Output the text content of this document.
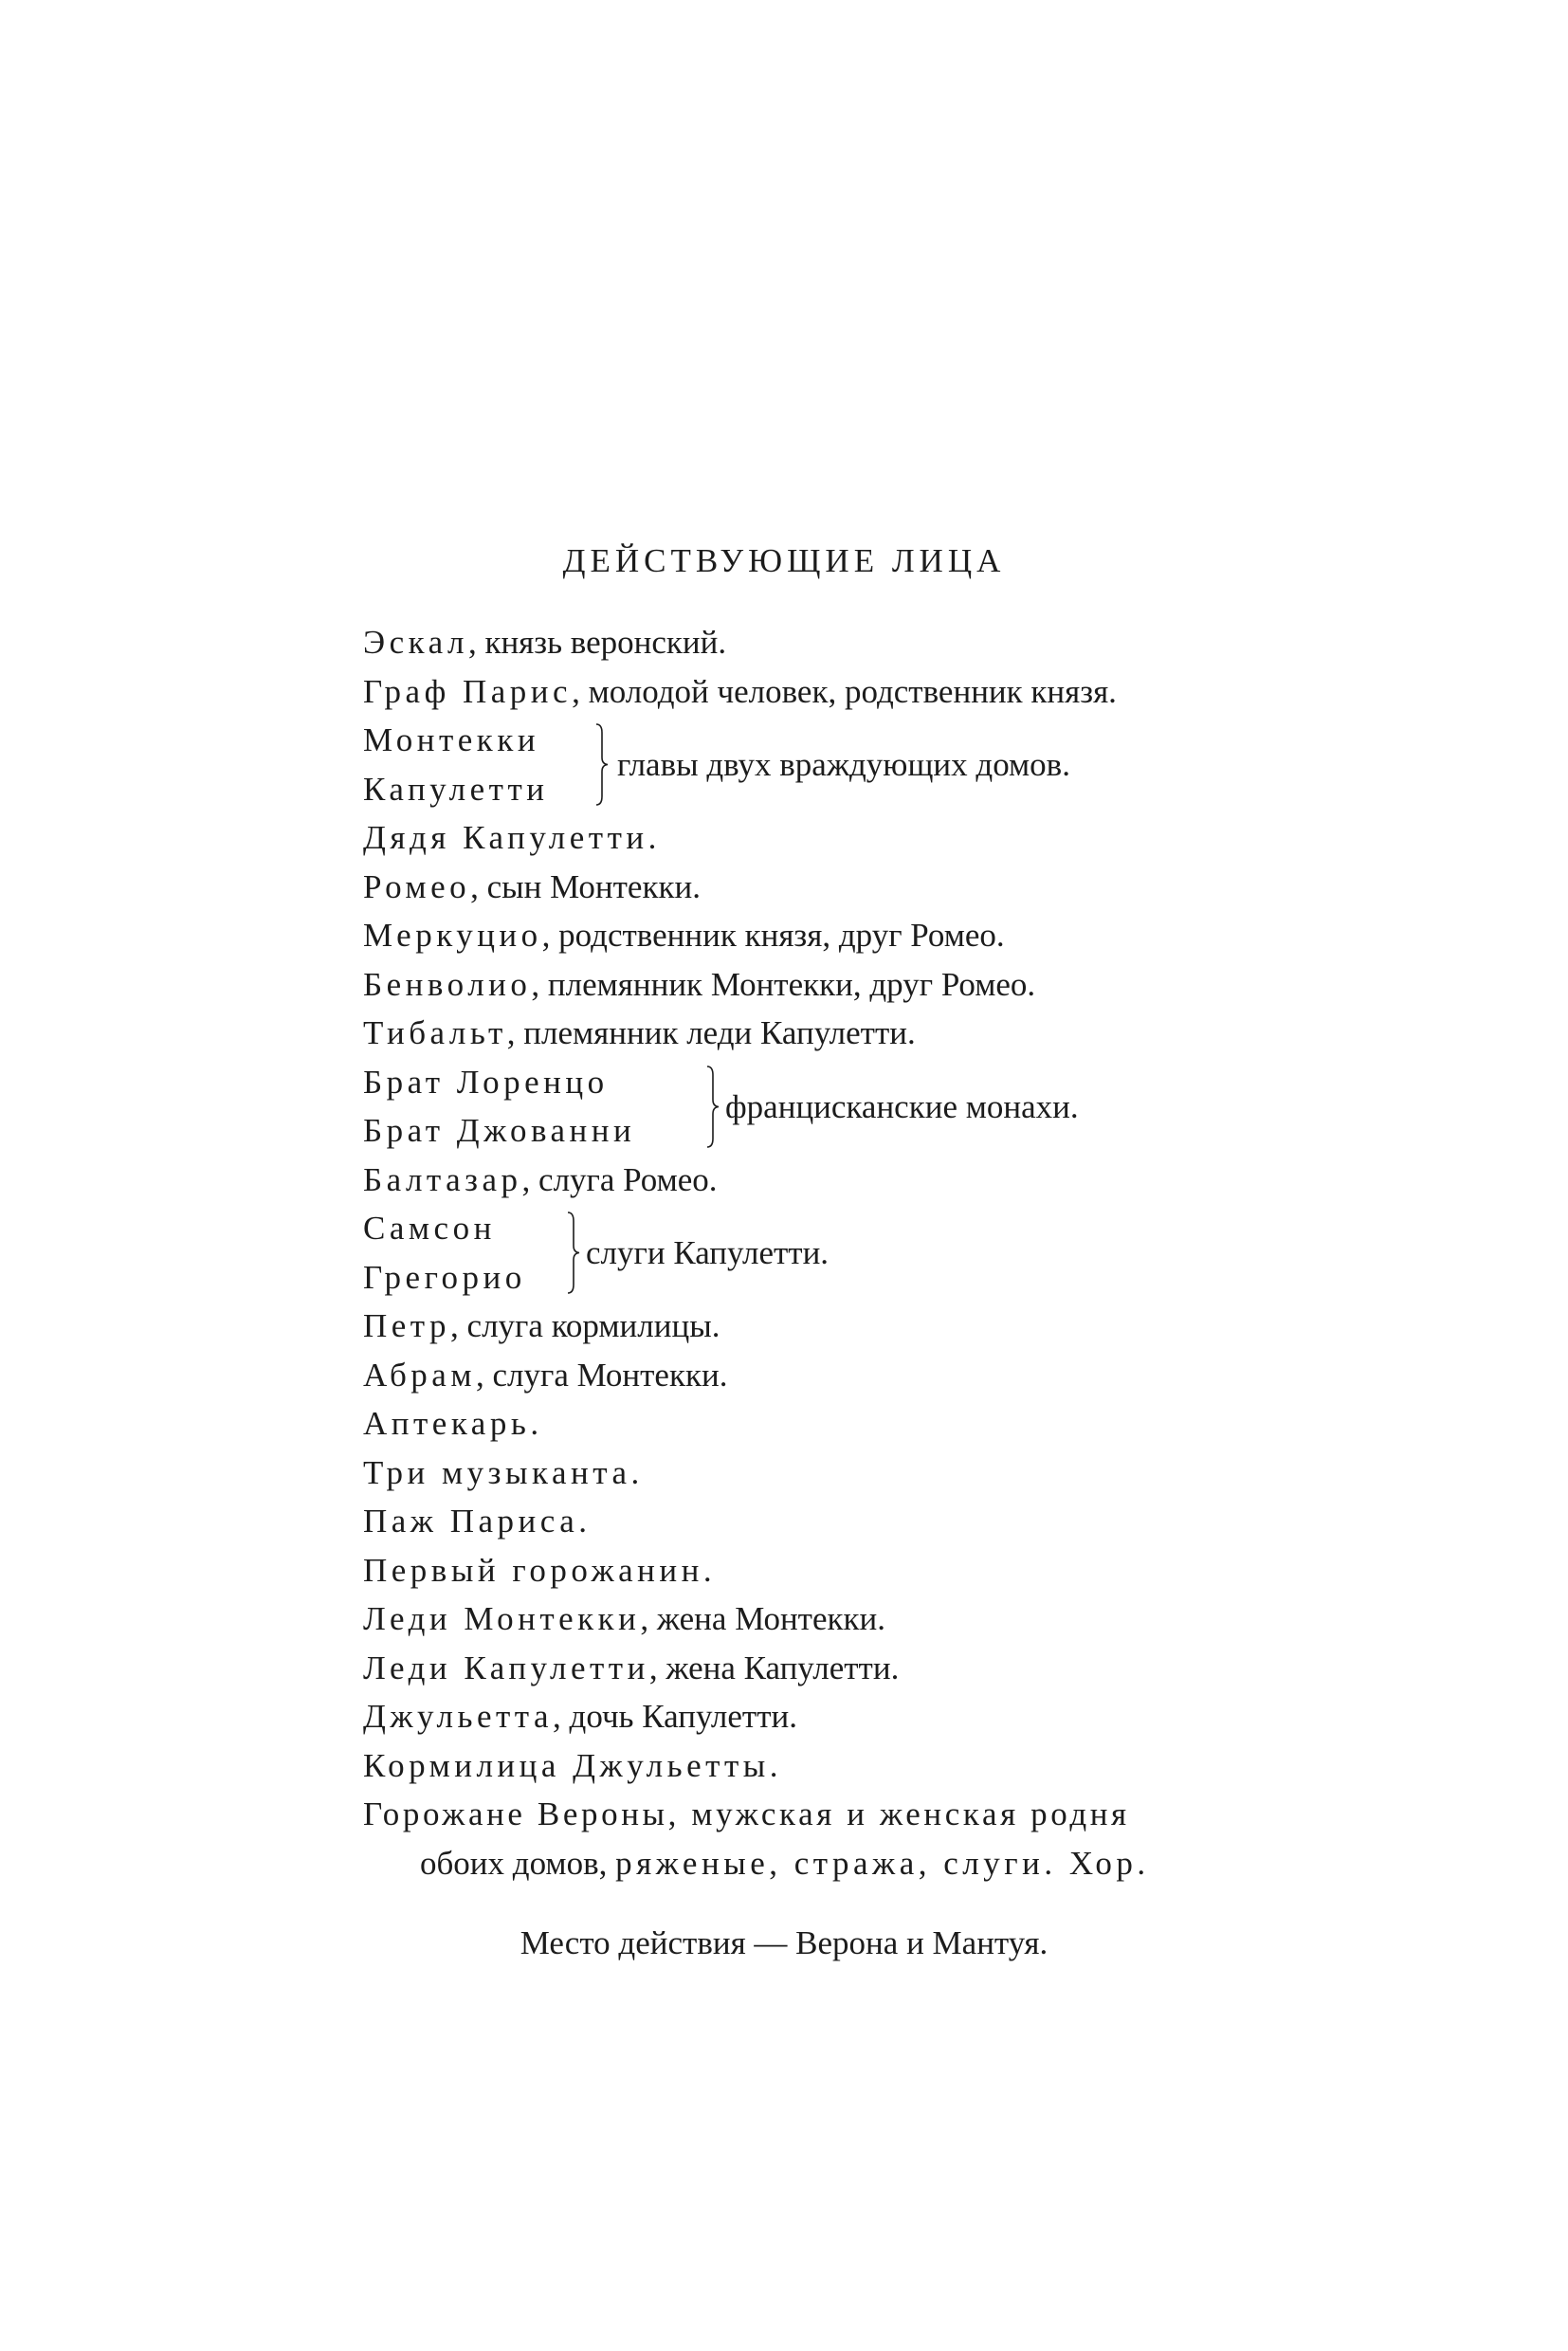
ДЕЙСТВУЮЩИЕ ЛИЦА
Эскал, князь веронский.
Граф Парис, молодой человек, родственник князя.
Монтекки
Капулетти
главы двух враждующих домов.
Дядя Капулетти.
Ромео, сын Монтекки.
Меркуцио, родственник князя, друг Ромео.
Бенволио, племянник Монтекки, друг Ромео.
Тибальт, племянник леди Капулетти.
Брат Лоренцо
Брат Джованни
францисканские монахи.
Балтазар, слуга Ромео.
Самсон
Грегорио
слуги Капулетти.
Петр, слуга кормилицы.
Абрам, слуга Монтекки.
Аптекарь.
Три музыканта.
Паж Париса.
Первый горожанин.
Леди Монтекки, жена Монтекки.
Леди Капулетти, жена Капулетти.
Джульетта, дочь Капулетти.
Кормилица Джульетты.
Горожане Вероны, мужская и женская родня
обоих домов, ряженые, стража, слуги. Хор.
Место действия — Верона и Мантуя.
